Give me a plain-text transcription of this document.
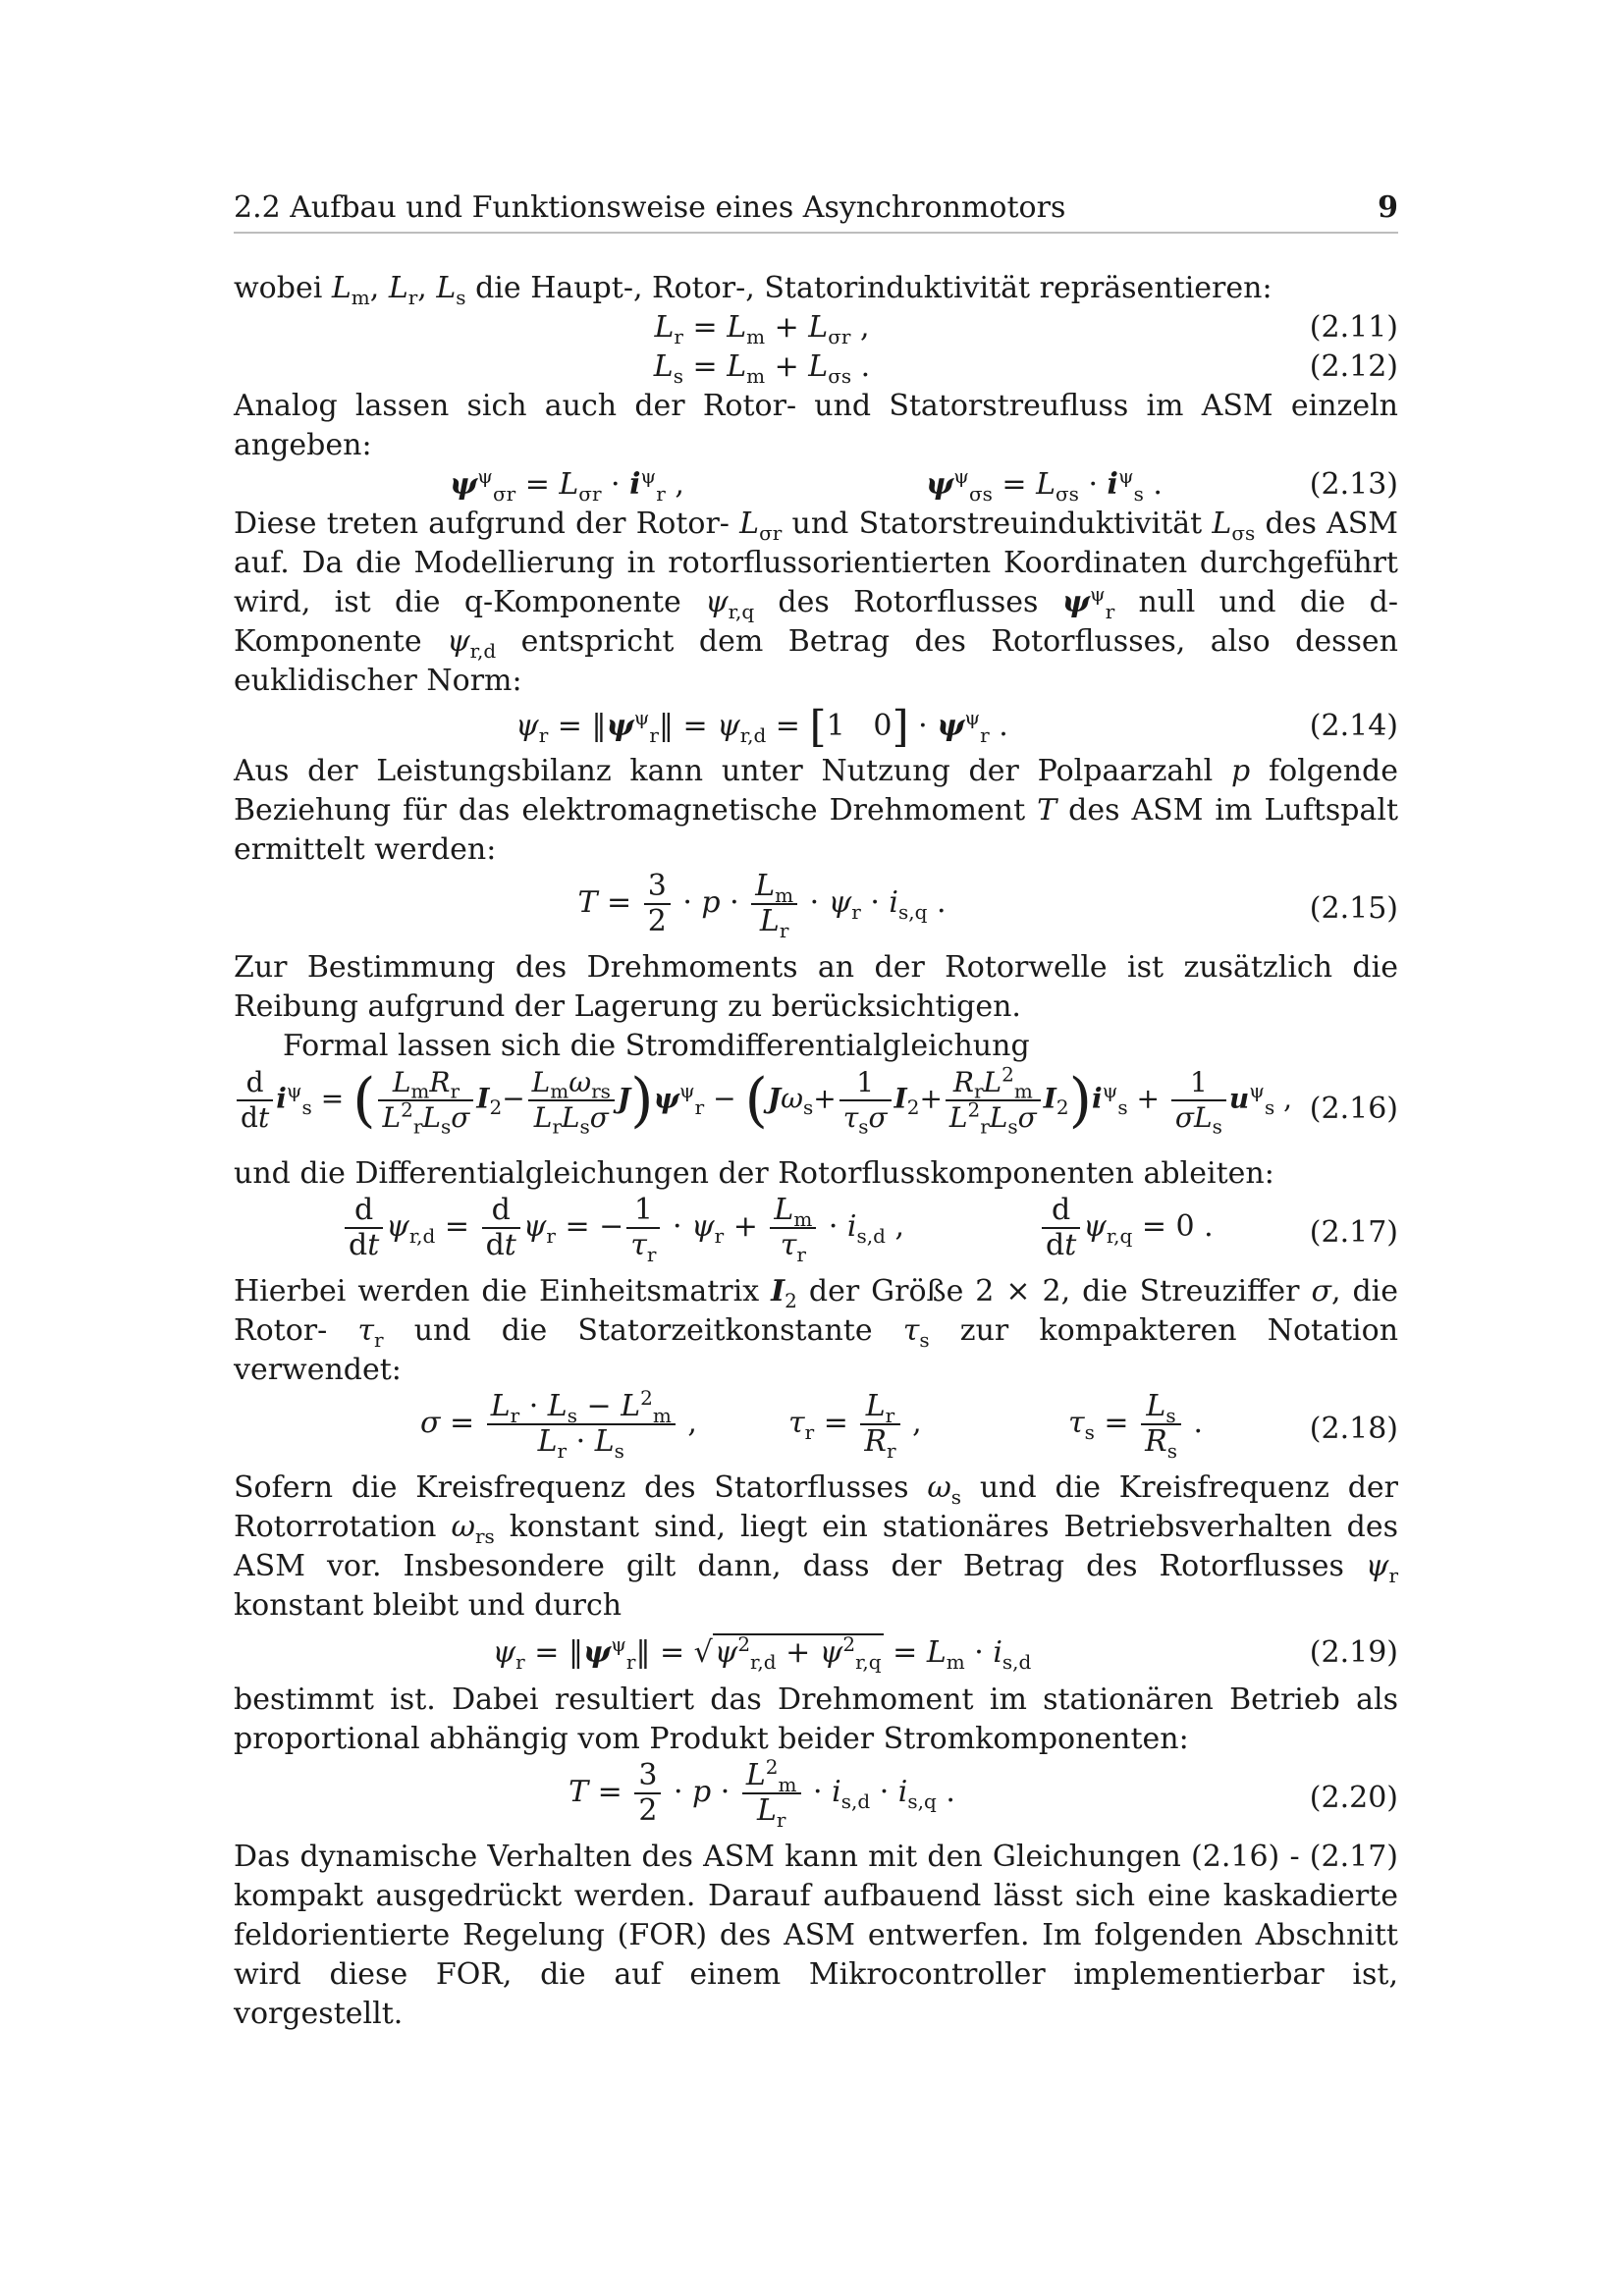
2.2 Aufbau und Funktionsweise eines Asynchronmotors	9

wobei $L_m$, $L_r$, $L_s$ die Haupt-, Rotor-, Statorinduktivität repräsentieren:

$L_r = L_m + L_{\sigma r}$ ,	(2.11)
$L_s = L_m + L_{\sigma s}$ .	(2.12)

Analog lassen sich auch der Rotor- und Statorstreufluss im ASM einzeln angeben:

$\psi^\psi_{\sigma r} = L_{\sigma r} \cdot i^\psi_r$ ,	$\psi^\psi_{\sigma s} = L_{\sigma s} \cdot i^\psi_s$ .	(2.13)

Diese treten aufgrund der Rotor- $L_{\sigma r}$ und Statorstreuinduktivität $L_{\sigma s}$ des ASM auf. Da die Modellierung in rotorflussorientierten Koordinaten durchgeführt wird, ist die q-Komponente $\psi_{r,q}$ des Rotorflusses $\psi^\psi_r$ null und die d-Komponente $\psi_{r,d}$ entspricht dem Betrag des Rotorflusses, also dessen euklidischer Norm:

$\psi_r$ = $‖\psi^\psi_r‖ = \psi_{r,d} = [1$   $0] \cdot \psi^\psi_r$ .	(2.14)

Aus der Leistungsbilanz kann unter Nutzung der Polpaarzahl p folgende Beziehung für das elektromagnetische Drehmoment T des ASM im Luftspalt ermittelt werden:

$T = \frac{3}{2} \cdot p \cdot \frac{L_m}{L_r} \cdot \psi_r \cdot i_{s,q}$ .	(2.15)

Zur Bestimmung des Drehmoments an der Rotorwelle ist zusätzlich die Reibung aufgrund der Lagerung zu berücksichtigen.

Formal lassen sich die Stromdifferentialgleichung

$\frac{d}{dt} i^\psi_s$ = ( $\frac{L_mR_r}{L^2_rL_s\sigma} I_2- \frac{L_m\omega_{rs}}{L_rL_s\sigma} J)\psi^\psi_r - (J\omega_s+ \frac{1}{\tau_s\sigma} I_2+ \frac{R_rL^2_m}{L^2_rL_s\sigma} I_2)i^\psi_s + \frac{1}{\sigma L_s} u^\psi_s$ , (2.16)

und die Differentialgleichungen der Rotorflusskomponenten ableiten:

$\frac{d}{dt} \psi_{r,d} = \frac{d}{dt} \psi_r$ = − $\frac{1}{\tau_r} \cdot \psi_r + \frac{L_m}{\tau_r} \cdot i_{s,d}$ ,	$\frac{d}{dt} \psi_{r,q} = 0$ .	(2.17)

Hierbei werden die Einheitsmatrix $I_2$ der Größe 2 × 2, die Streuziffer σ, die Rotor- $\tau_r$ und die Statorzeitkonstante $\tau_s$ zur kompakteren Notation verwendet:

$\sigma = \frac{L_r \cdot L_s - L^2_m}{L_r \cdot L_s}$ ,	$\tau_r = \frac{L_r}{R_r}$ ,	$\tau_s = \frac{L_s}{R_s}$ .	(2.18)

Sofern die Kreisfrequenz des Statorflusses $\omega_s$ und die Kreisfrequenz der Rotorrotation $\omega_{rs}$ konstant sind, liegt ein stationäres Betriebsverhalten des ASM vor. Insbesondere gilt dann, dass der Betrag des Rotorflusses $\psi_r$ konstant bleibt und durch

$\psi_r$ = $‖\psi^\psi_r‖ = √\psi^2_{r,d} + \psi^2_{r,q} = L_m \cdot i_{s,d}$	(2.19)

bestimmt ist. Dabei resultiert das Drehmoment im stationären Betrieb als proportional abhängig vom Produkt beider Stromkomponenten:

$T = \frac{3}{2} \cdot p \cdot \frac{L^2_m}{L_r} \cdot i_{s,d} \cdot i_{s,q}$ .	(2.20)

Das dynamische Verhalten des ASM kann mit den Gleichungen (2.16) - (2.17) kompakt ausgedrückt werden. Darauf aufbauend lässt sich eine kaskadierte feldorientierte Regelung (FOR) des ASM entwerfen. Im folgenden Abschnitt wird diese FOR, die auf einem Mikrocontroller implementierbar ist, vorgestellt.
